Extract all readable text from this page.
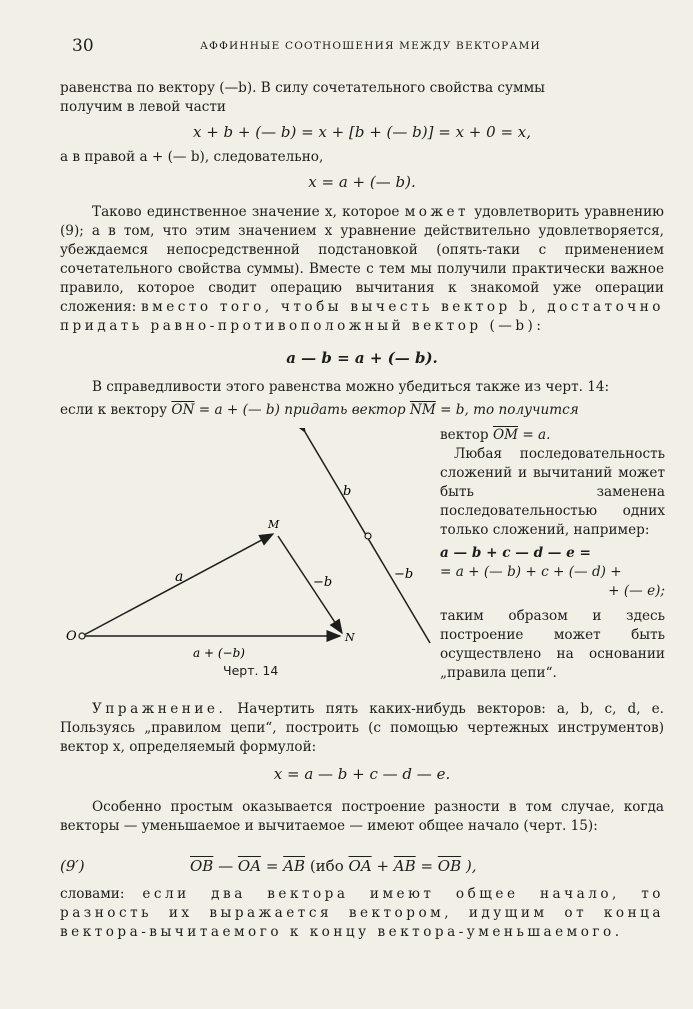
30	АФФИННЫЕ СООТНОШЕНИЯ МЕЖДУ ВЕКТОРАМИ

равенства по вектору (—b). В силу сочетательного свойства суммы

получим в левой части

x + b + (— b) = x + [b + (— b)] = x + 0 = x,
а в правой a + (— b), следовательно,
x = a + (— b).

Таково единственное значение x, которое может удовлетворить уравнению (9); а в том, что этим значением x уравнение действительно удовлетворяется, убеждаемся непосредственной подстановкой (опять-таки с применением сочетательного свойства суммы). Вместе с тем мы получили практически важное правило, которое сводит операцию вычитания к знакомой уже операции сложения: вместо того, чтобы вычесть вектор b, достаточно придать равно-противоположный вектор (—b):

a — b = a + (— b).

В справедливости этого равенства можно убедиться также из черт. 14:

если к вектору $\overline{ON} = a$ + (— b) придать вектор $\overline{NM} = b$, то получится

O
M
N
a
b
−b
−b
a + (−b)
Черт. 14

вектор $\overline{OM} = a$.

Любая последовательность сложений и вычитаний может быть заменена последовательностью одних только сложений, например:

a — b + c — d — e =

= a + (— b) + c + (— d) +

+ (— e);

таким образом и здесь построение может быть осуществлено на основании „правила цепи“.

Упражнение. Начертить пять каких-нибудь векторов: a, b, c, d, e. Пользуясь „правилом цепи“, построить (с помощью чертежных инструментов) вектор x, определяемый формулой:

x = a — b + c — d — e.

Особенно простым оказывается построение разности в том случае, когда векторы — уменьшаемое и вычитаемое — имеют общее начало (черт. 15):

(9′)	$\overline{OB}$ — $\overline{OA} = \overline{AB}$ (ибо $\overline{OA} + \overline{AB} = \overline{OB}$ ),

словами: если два вектора имеют общее начало, то разность их выражается вектором, идущим от конца вектора-вычитаемого к концу вектора-уменьшаемого.
